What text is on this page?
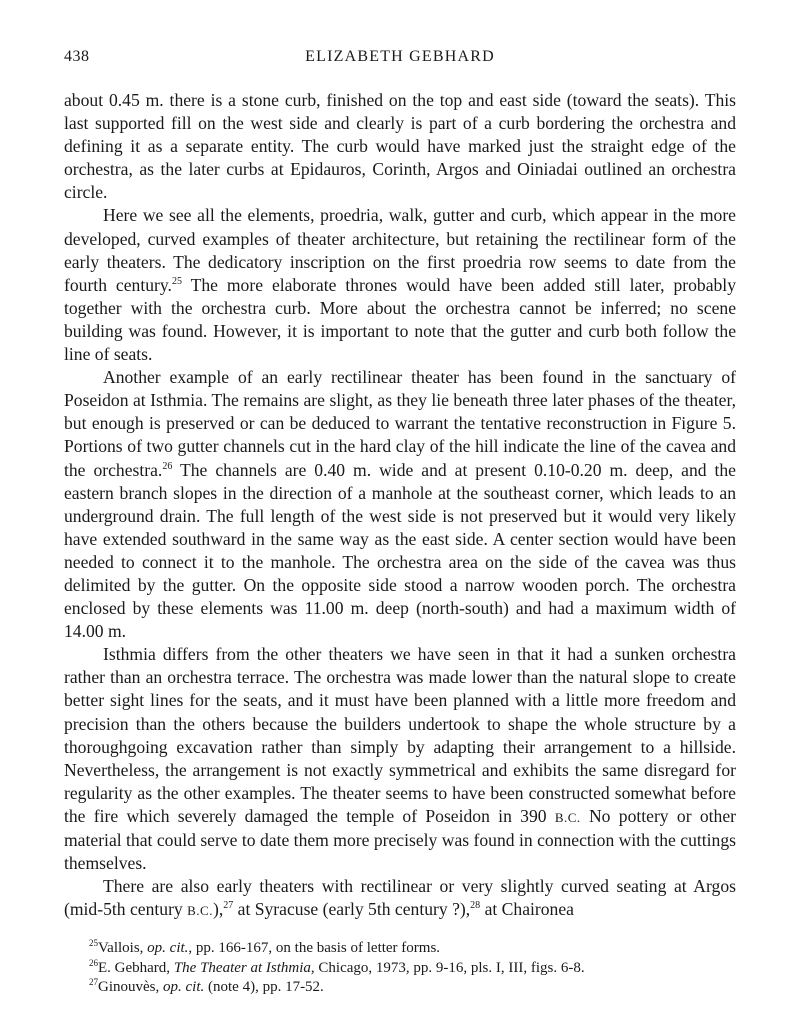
438	ELIZABETH GEBHARD

about 0.45 m. there is a stone curb, finished on the top and east side (toward the seats). This last supported fill on the west side and clearly is part of a curb bordering the orchestra and defining it as a separate entity. The curb would have marked just the straight edge of the orchestra, as the later curbs at Epidauros, Corinth, Argos and Oiniadai outlined an orchestra circle.

Here we see all the elements, proedria, walk, gutter and curb, which appear in the more developed, curved examples of theater architecture, but retaining the rectilinear form of the early theaters. The dedicatory inscription on the first proedria row seems to date from the fourth century.$^{25}$ The more elaborate thrones would have been added still later, probably together with the orchestra curb. More about the orchestra cannot be inferred; no scene building was found. However, it is important to note that the gutter and curb both follow the line of seats.

Another example of an early rectilinear theater has been found in the sanctuary of Poseidon at Isthmia. The remains are slight, as they lie beneath three later phases of the theater, but enough is preserved or can be deduced to warrant the tentative reconstruction in Figure 5. Portions of two gutter channels cut in the hard clay of the hill indicate the line of the cavea and the orchestra.$^{26}$ The channels are 0.40 m. wide and at present 0.10-0.20 m. deep, and the eastern branch slopes in the direction of a manhole at the southeast corner, which leads to an underground drain. The full length of the west side is not preserved but it would very likely have extended southward in the same way as the east side. A center section would have been needed to connect it to the manhole. The orchestra area on the side of the cavea was thus delimited by the gutter. On the opposite side stood a narrow wooden porch. The orchestra enclosed by these elements was 11.00 m. deep (north-south) and had a maximum width of 14.00 m.

Isthmia differs from the other theaters we have seen in that it had a sunken orchestra rather than an orchestra terrace. The orchestra was made lower than the natural slope to create better sight lines for the seats, and it must have been planned with a little more freedom and precision than the others because the builders undertook to shape the whole structure by a thoroughgoing excavation rather than simply by adapting their arrangement to a hillside. Nevertheless, the arrangement is not exactly symmetrical and exhibits the same disregard for regularity as the other examples. The theater seems to have been constructed somewhat before the fire which severely damaged the temple of Poseidon in 390 B.C. No pottery or other material that could serve to date them more precisely was found in connection with the cuttings themselves.

There are also early theaters with rectilinear or very slightly curved seating at Argos (mid-5th century B.C.),$^{27}$ at Syracuse (early 5th century ?),$^{28}$ at Chaironea

$^{25}$Vallois, op. cit., pp. 166-167, on the basis of letter forms.
$^{26}$E. Gebhard, The Theater at Isthmia, Chicago, 1973, pp. 9-16, pls. I, III, figs. 6-8.
$^{27}$Ginouvès, op. cit. (note 4), pp. 17-52.
